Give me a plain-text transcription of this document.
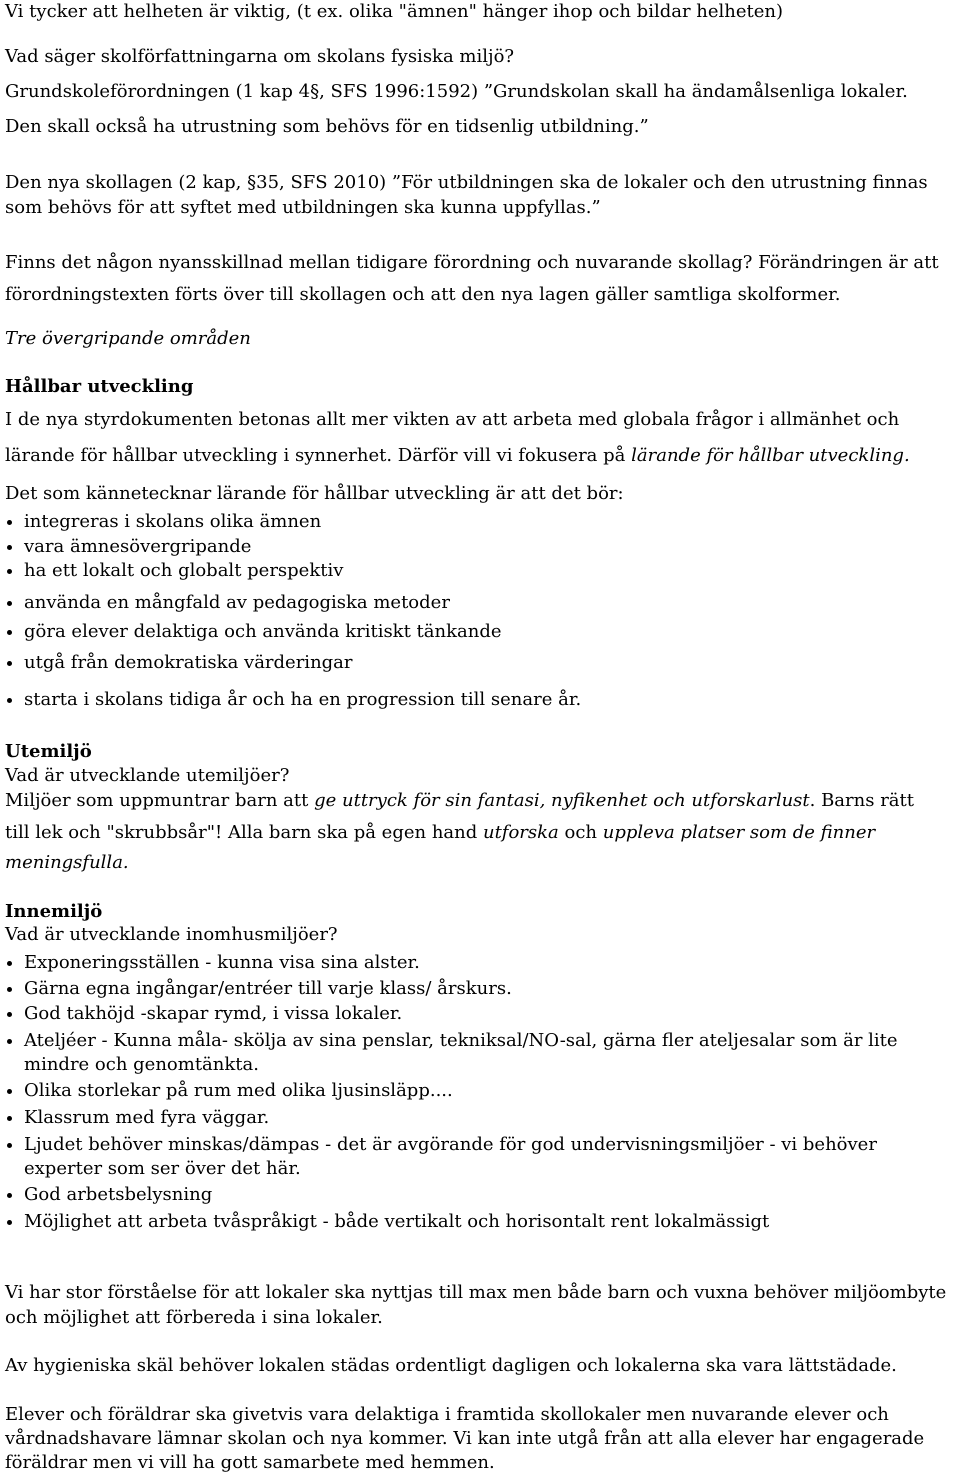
Vi tycker att helheten är viktig, (t ex. olika "ämnen" hänger ihop och bildar helheten)
Vad säger skolförfattningarna om skolans fysiska miljö?
Grundskoleförordningen (1 kap 4§, SFS 1996:1592) ”Grundskolan skall ha ändamålsenliga lokaler.
Den skall också ha utrustning som behövs för en tidsenlig utbildning.”
Den nya skollagen (2 kap, §35, SFS 2010) ”För utbildningen ska de lokaler och den utrustning finnas
som behövs för att syftet med utbildningen ska kunna uppfyllas.”
Finns det någon nyansskillnad mellan tidigare förordning och nuvarande skollag? Förändringen är att
förordningstexten förts över till skollagen och att den nya lagen gäller samtliga skolformer.
Tre övergripande områden
Hållbar utveckling
I de nya styrdokumenten betonas allt mer vikten av att arbeta med globala frågor i allmänhet och
lärande för hållbar utveckling i synnerhet. Därför vill vi fokusera på lärande för hållbar utveckling.
Det som kännetecknar lärande för hållbar utveckling är att det bör:
integreras i skolans olika ämnen
vara ämnesövergripande
ha ett lokalt och globalt perspektiv
använda en mångfald av pedagogiska metoder
göra elever delaktiga och använda kritiskt tänkande
utgå från demokratiska värderingar
starta i skolans tidiga år och ha en progression till senare år.
Utemiljö
Vad är utvecklande utemiljöer?
Miljöer som uppmuntrar barn att ge uttryck för sin fantasi, nyfikenhet och utforskarlust. Barns rätt
till lek och "skrubbsår"! Alla barn ska på egen hand utforska och uppleva platser som de finner
meningsfulla.
Innemiljö
Vad är utvecklande inomhusmiljöer?
Exponeringsställen - kunna visa sina alster.
Gärna egna ingångar/entréer till varje klass/ årskurs.
God takhöjd -skapar rymd, i vissa lokaler.
Ateljéer - Kunna måla- skölja av sina penslar, tekniksal/NO-sal, gärna fler ateljesalar som är lite
mindre och genomtänkta.
Olika storlekar på rum med olika ljusinsläpp....
Klassrum med fyra väggar.
Ljudet behöver minskas/dämpas - det är avgörande för god undervisningsmiljöer - vi behöver
experter som ser över det här.
God arbetsbelysning
Möjlighet att arbeta tvåspråkigt - både vertikalt och horisontalt rent lokalmässigt
Vi har stor förståelse för att lokaler ska nyttjas till max men både barn och vuxna behöver miljöombyte
och möjlighet att förbereda i sina lokaler.
Av hygieniska skäl behöver lokalen städas ordentligt dagligen och lokalerna ska vara lättstädade.
Elever och föräldrar ska givetvis vara delaktiga i framtida skollokaler men nuvarande elever och
vårdnadshavare lämnar skolan och nya kommer. Vi kan inte utgå från att alla elever har engagerade
föräldrar men vi vill ha gott samarbete med hemmen.
